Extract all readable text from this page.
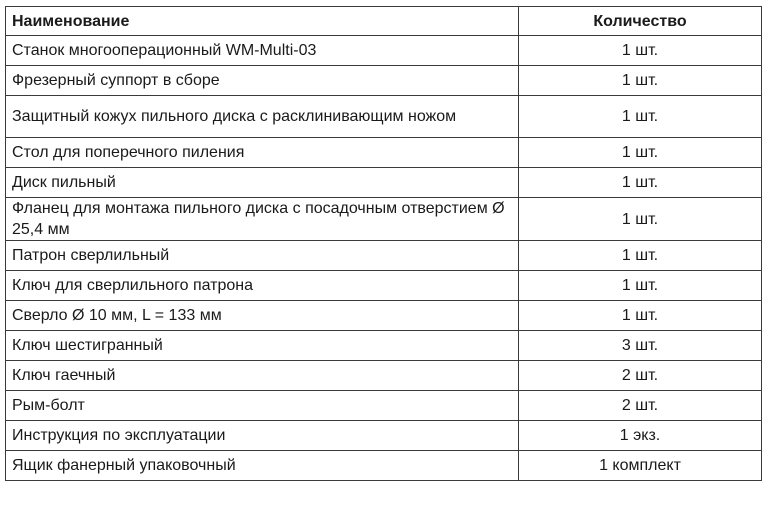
Наименование	Количество
Станок многооперационный WM-Multi-03	1 шт.
Фрезерный суппорт в сборе	1 шт.
Защитный кожух пильного диска с расклинивающим ножом	1 шт.
Стол для поперечного пиления	1 шт.
Диск пильный	1 шт.
Фланец для монтажа пильного диска с посадочным отверстием Ø 25,4 мм	1 шт.
Патрон сверлильный	1 шт.
Ключ для сверлильного патрона	1 шт.
Сверло Ø 10 мм, L = 133 мм	1 шт.
Ключ шестигранный	3 шт.
Ключ гаечный	2 шт.
Рым-болт	2 шт.
Инструкция по эксплуатации	1 экз.
Ящик фанерный упаковочный	1 комплект
